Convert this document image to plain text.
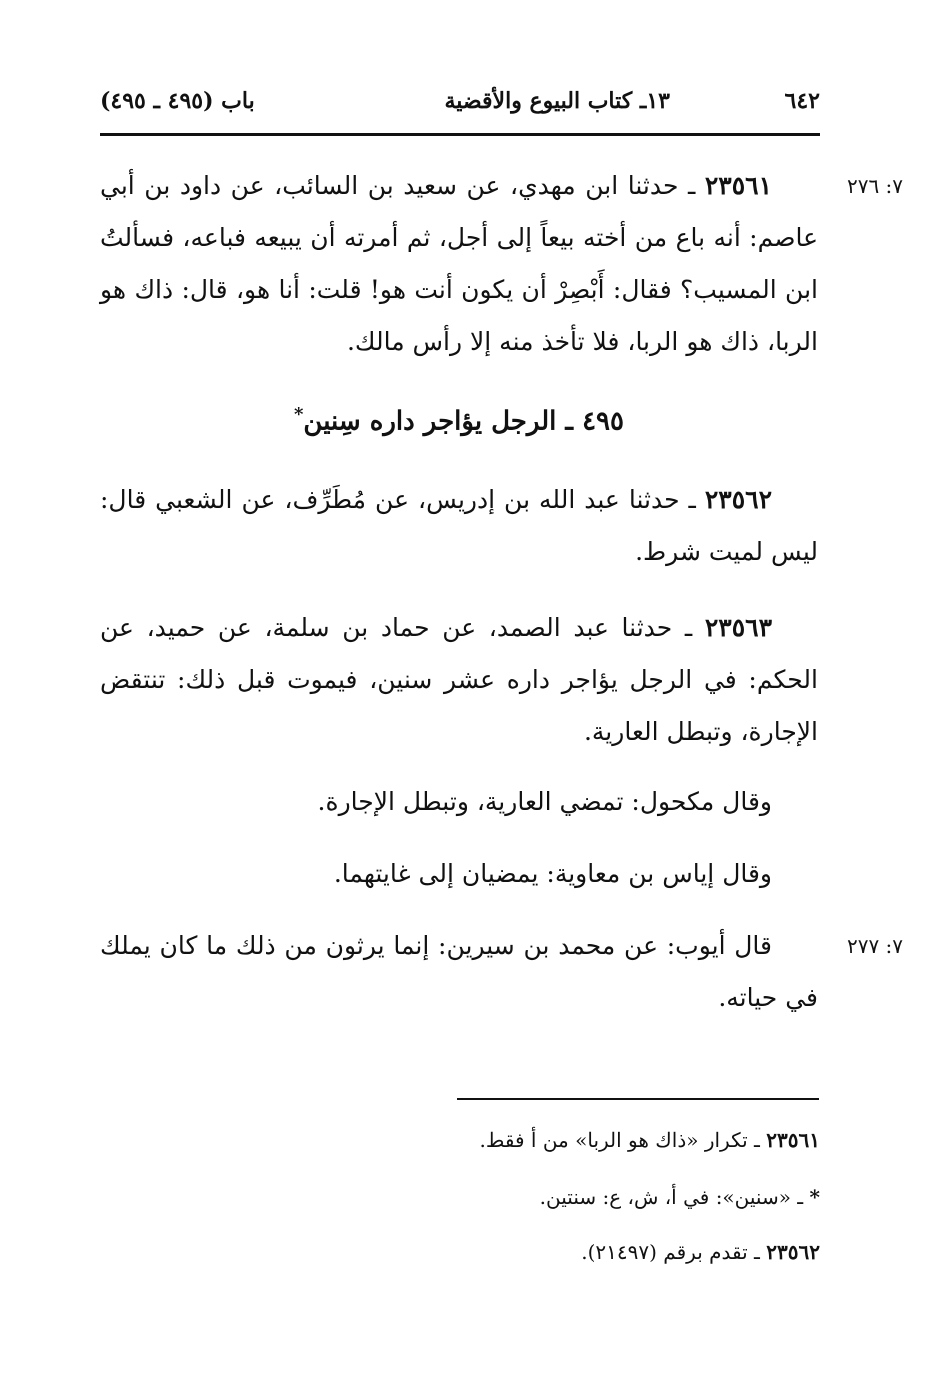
٦٤٢
١٣ـ كتاب البيوع والأقضية
باب (٤٩٥ ـ ٤٩٥)
٧: ٢٧٦
٢٣٥٦١ ـ حدثنا ابن مهدي، عن سعيد بن السائب، عن داود بن أبي عاصم: أنه باع من أخته بيعاً إلى أجل، ثم أمرته أن يبيعه فباعه، فسألتُ ابن المسيب؟ فقال: أَبْصِرْ أن يكون أنت هو! قلت: أنا هو، قال: ذاك هو الربا، ذاك هو الربا، فلا تأخذ منه إلا رأس مالك.
٤٩٥ ـ الرجل يؤاجر داره سِنين*
٢٣٥٦٢ ـ حدثنا عبد الله بن إدريس، عن مُطَرِّف، عن الشعبي قال: ليس لميت شرط.
٢٣٥٦٣ ـ حدثنا عبد الصمد، عن حماد بن سلمة، عن حميد، عن الحكم: في الرجل يؤاجر داره عشر سنين، فيموت قبل ذلك: تنتقض الإجارة، وتبطل العارية.
وقال مكحول: تمضي العارية، وتبطل الإجارة.
وقال إياس بن معاوية: يمضيان إلى غايتهما.
٧: ٢٧٧
قال أيوب: عن محمد بن سيرين: إنما يرثون من ذلك ما كان يملك في حياته.
٢٣٥٦١ ـ تكرار «ذاك هو الربا» من أ فقط.
* ـ «سنين»: في أ، ش، ع: سنتين.
٢٣٥٦٢ ـ تقدم برقم (٢١٤٩٧).
